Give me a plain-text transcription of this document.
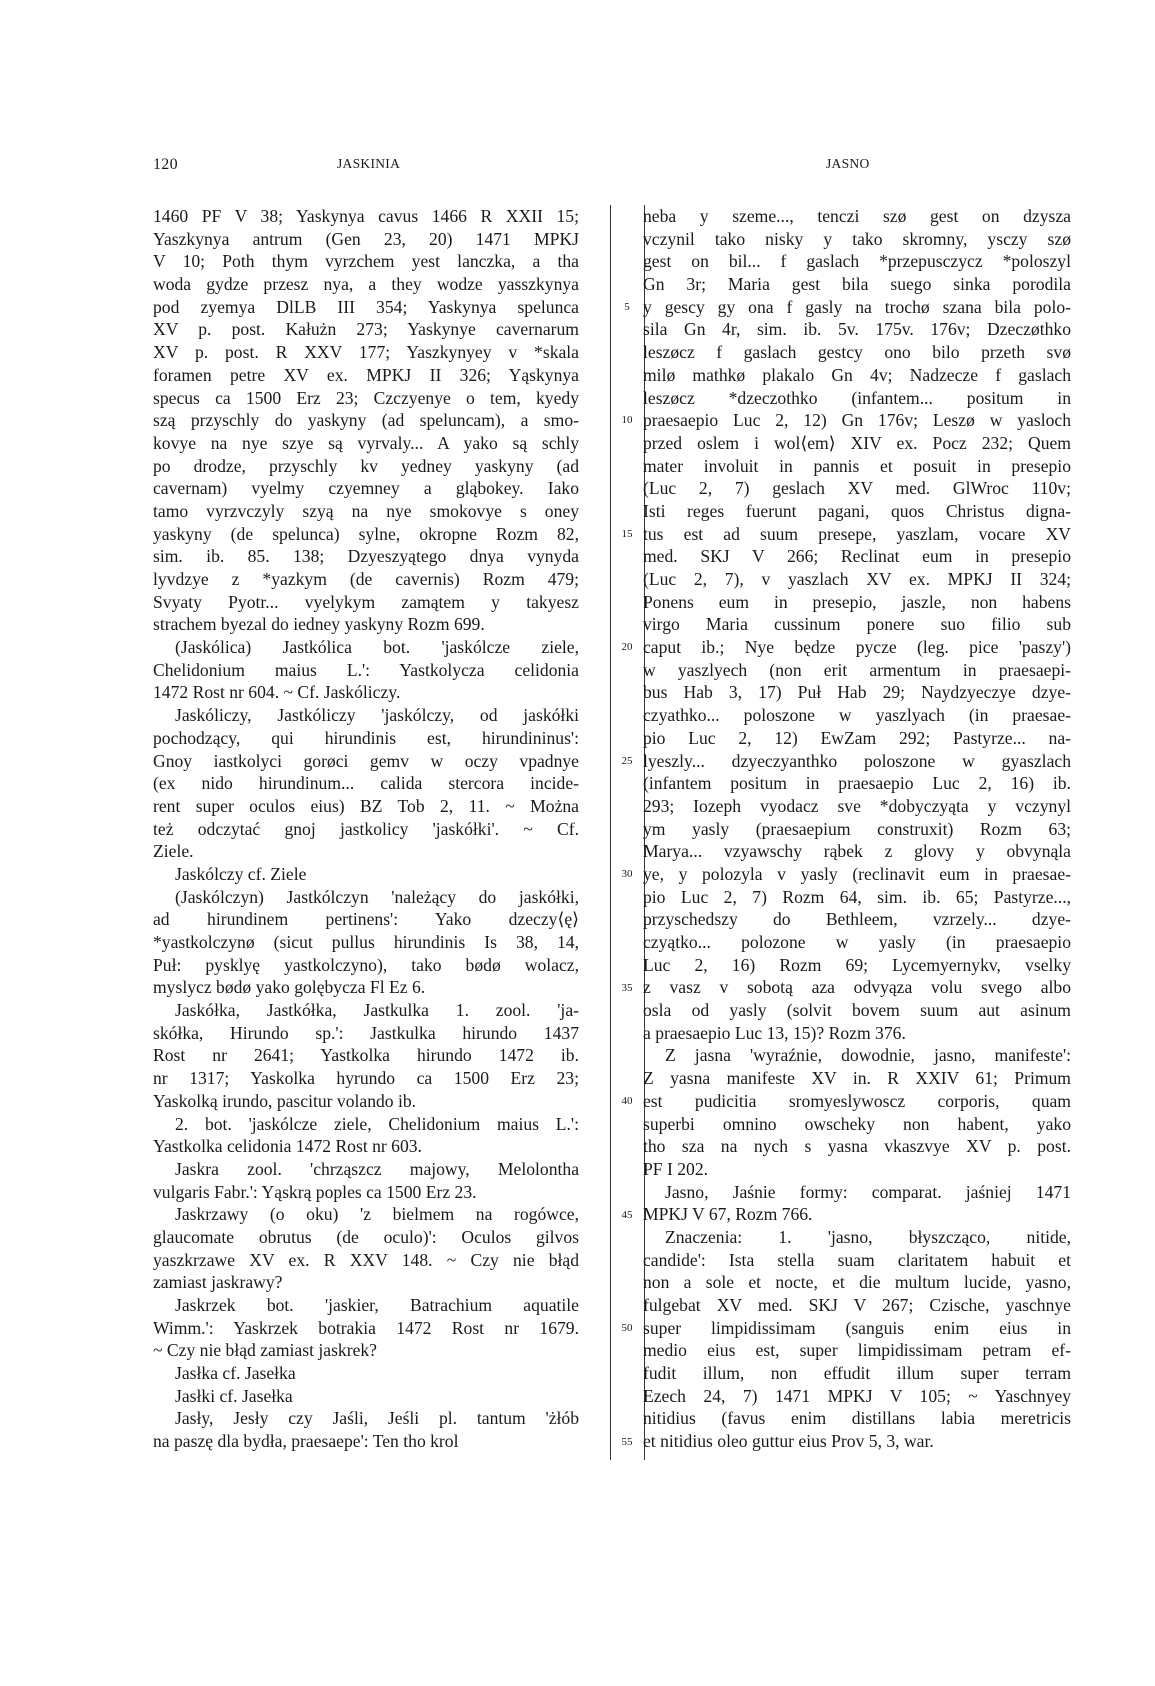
120	JASKINIA	JASNO
1460 PF V 38; Yaskynya cavus 1466 R XXII 15;
Yaszkynya antrum (Gen 23, 20) 1471 MPKJ
V 10; Poth thym vyrzchem yest lanczka, a tha
woda gydze przesz nya, a they wodze yasszkynya
pod zyemya DlLB III 354; Yaskynya spelunca
XV p. post. Kałużn 273; Yaskynye cavernarum
XV p. post. R XXV 177; Yaszkynyey v *skala
foramen petre XV ex. MPKJ II 326; Yąskynya
specus ca 1500 Erz 23; Czczyenye o tem, kyedy
szą przyschly do yaskyny (ad speluncam), a smo-
kovye na nye szye są vyrvaly... A yako są schly
po drodze, przyschly kv yedney yaskyny (ad
cavernam) vyelmy czyemney a gląbokey. Iako
tamo vyrzvczyly szyą na nye smokovye s oney
yaskyny (de spelunca) sylne, okropne Rozm 82,
sim. ib. 85. 138; Dzyeszyątego dnya vynyda
lyvdzye z *yazkym (de cavernis) Rozm 479;
Svyaty Pyotr... vyelykym zamątem y takyesz
strachem byezal do iedney yaskyny Rozm 699.
(Jaskólica) Jastkólica bot. 'jaskólcze ziele,
Chelidonium maius L.': Yastkolycza celidonia
1472 Rost nr 604. ~ Cf. Jaskóliczy.
Jaskóliczy, Jastkóliczy 'jaskólczy, od jaskółki
pochodzący, qui hirundinis est, hirundininus':
Gnoy iastkolyci gorøci gemv w oczy vpadnye
(ex nido hirundinum... calida stercora incide-
rent super oculos eius) BZ Tob 2, 11. ~ Można
też odczytać gnoj jastkolicy 'jaskółki'. ~ Cf.
Ziele.
Jaskólczy cf. Ziele
(Jaskólczyn) Jastkólczyn 'należący do jaskółki,
ad hirundinem pertinens': Yako dzeczy⟨ę⟩
*yastkolczynø (sicut pullus hirundinis Is 38, 14,
Puł: pysklyę yastkolczyno), tako bødø wolacz,
myslycz bødø yako golębycza Fl Ez 6.
Jaskółka, Jastkółka, Jastkulka 1. zool. 'ja-
skółka, Hirundo sp.': Jastkulka hirundo 1437
Rost nr 2641; Yastkolka hirundo 1472 ib.
nr 1317; Yaskolka hyrundo ca 1500 Erz 23;
Yaskolką irundo, pascitur volando ib.
2. bot. 'jaskólcze ziele, Chelidonium maius L.':
Yastkolka celidonia 1472 Rost nr 603.
Jaskra zool. 'chrząszcz majowy, Melolontha
vulgaris Fabr.': Yąskrą poples ca 1500 Erz 23.
Jaskrzawy (o oku) 'z bielmem na rogówce,
glaucomate obrutus (de oculo)': Oculos gilvos
yaszkrzawe XV ex. R XXV 148. ~ Czy nie błąd
zamiast jaskrawy?
Jaskrzek bot. 'jaskier, Batrachium aquatile
Wimm.': Yaskrzek botrakia 1472 Rost nr 1679.
~ Czy nie błąd zamiast jaskrek?
Jasłka cf. Jasełka
Jasłki cf. Jasełka
Jasły, Jesły czy Jaśli, Jeśli pl. tantum 'żłób
na paszę dla bydła, praesaepe': Ten tho krol
5
10
15
20
25
30
35
40
45
50
55
neba y szeme..., tenczi szø gest on dzysza
vczynil tako nisky y tako skromny, ysczy szø
gest on bil... f gaslach *przepusczycz *poloszyl
Gn 3r; Maria gest bila suego sinka porodila
y gescy gy ona f gasly na trochø szana bila polo-
sila Gn 4r, sim. ib. 5v. 175v. 176v; Dzeczøthko
leszøcz f gaslach gestcy ono bilo przeth svø
milø mathkø plakalo Gn 4v; Nadzecze f gaslach
leszøcz *dzeczothko (infantem... positum in
praesaepio Luc 2, 12) Gn 176v; Leszø w yasloch
przed oslem i wol⟨em⟩ XIV ex. Pocz 232; Quem
mater involuit in pannis et posuit in presepio
(Luc 2, 7) geslach XV med. GlWroc 110v;
Isti reges fuerunt pagani, quos Christus digna-
tus est ad suum presepe, yaszlam, vocare XV
med. SKJ V 266; Reclinat eum in presepio
(Luc 2, 7), v yaszlach XV ex. MPKJ II 324;
Ponens eum in presepio, jaszle, non habens
virgo Maria cussinum ponere suo filio sub
caput ib.; Nye będze pycze (leg. pice 'paszy')
w yaszlyech (non erit armentum in praesaepi-
bus Hab 3, 17) Puł Hab 29; Naydzyeczye dzye-
czyathko... poloszone w yaszlyach (in praesae-
pio Luc 2, 12) EwZam 292; Pastyrze... na-
lyeszly... dzyeczyanthko poloszone w gyaszlach
(infantem positum in praesaepio Luc 2, 16) ib.
293; Iozeph vyodacz sve *dobyczyąta y vczynyl
ym yasly (praesaepium construxit) Rozm 63;
Marya... vzyawschy rąbek z glovy y obvynąla
ye, y polozyla v yasly (reclinavit eum in praesae-
pio Luc 2, 7) Rozm 64, sim. ib. 65; Pastyrze...,
przyschedszy do Bethleem, vzrzely... dzye-
czyątko... polozone w yasly (in praesaepio
Luc 2, 16) Rozm 69; Lycemyernykv, vselky
z vasz v sobotą aza odvyąza volu svego albo
osla od yasly (solvit bovem suum aut asinum
a praesaepio Luc 13, 15)? Rozm 376.
Z jasna 'wyraźnie, dowodnie, jasno, manifeste':
Z yasna manifeste XV in. R XXIV 61; Primum
est pudicitia sromyeslywoscz corporis, quam
superbi omnino owscheky non habent, yako
tho sza na nych s yasna vkaszvye XV p. post.
PF I 202.
Jasno, Jaśnie formy: comparat. jaśniej 1471
MPKJ V 67, Rozm 766.
Znaczenia: 1. 'jasno, błyszcząco, nitide,
candide': Ista stella suam claritatem habuit et
non a sole et nocte, et die multum lucide, yasno,
fulgebat XV med. SKJ V 267; Czische, yaschnye
super limpidissimam (sanguis enim eius in
medio eius est, super limpidissimam petram ef-
fudit illum, non effudit illum super terram
Ezech 24, 7) 1471 MPKJ V 105; ~ Yaschnyey
nitidius (favus enim distillans labia meretricis
et nitidius oleo guttur eius Prov 5, 3, war.
